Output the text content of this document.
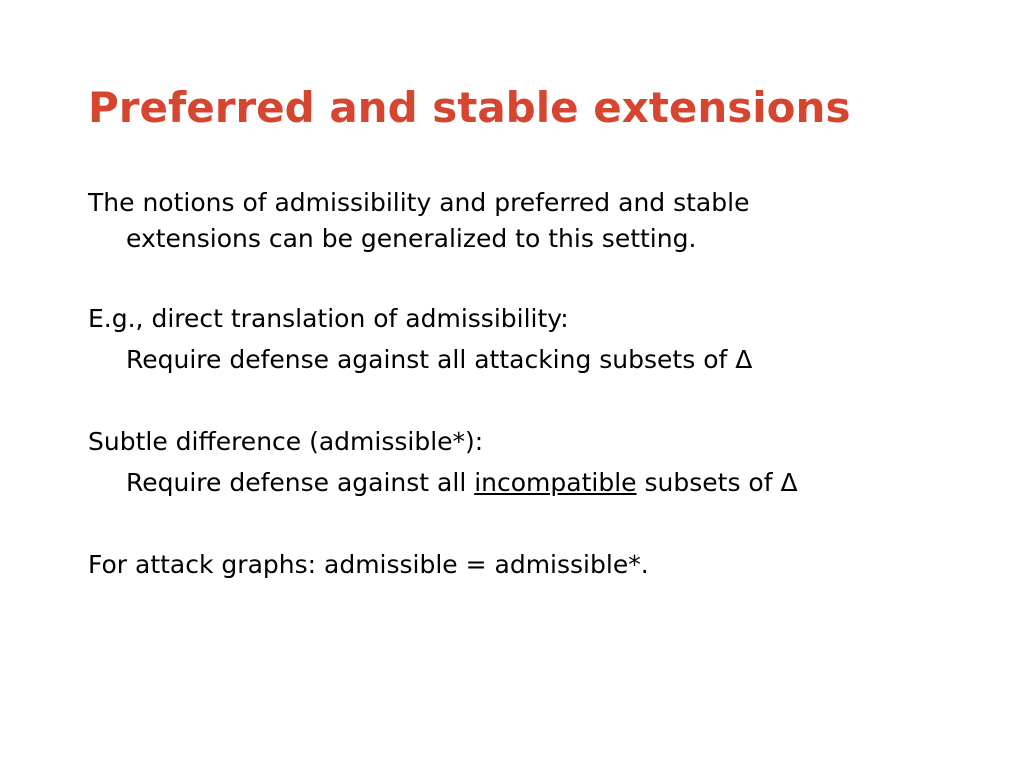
Preferred and stable extensions

The notions of admissibility and preferred and stable

extensions can be generalized to this setting.

E.g., direct translation of admissibility:

Require defense against all attacking subsets of Δ

Subtle difference (admissible*):

Require defense against all incompatible subsets of Δ

For attack graphs: admissible = admissible*.
